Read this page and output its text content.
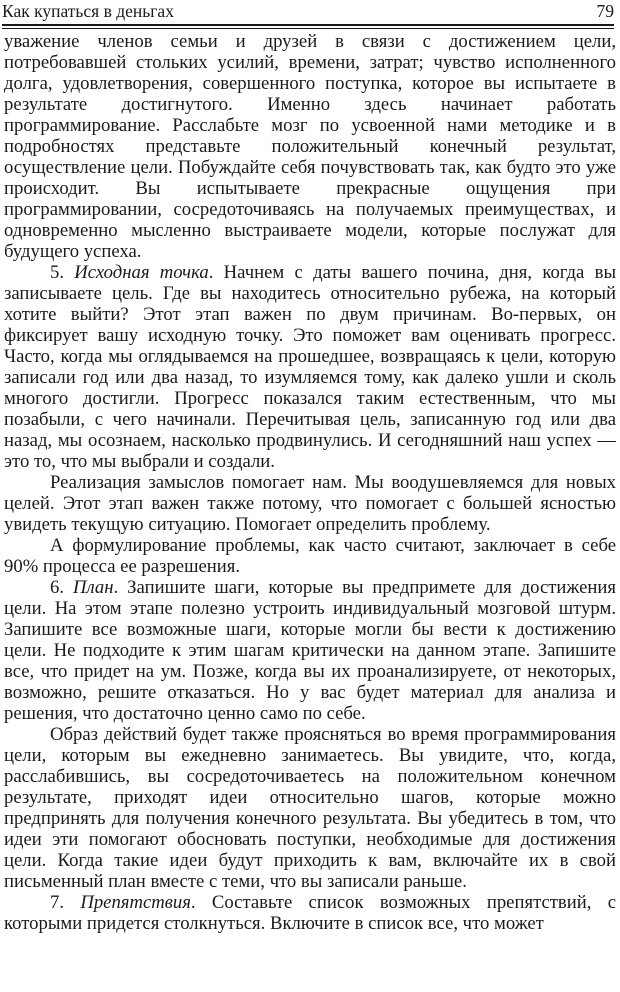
Как купаться в деньгах	79

уважение членов семьи и друзей в связи с достижением цели, потребовавшей стольких усилий, времени, затрат; чувство исполненного долга, удовлетворения, совершенного поступка, которое вы испытаете в результате достигнутого. Именно здесь начинает работать программирование. Расслабьте мозг по усвоенной нами методике и в подробностях представьте положительный конечный результат, осуществление цели. Побуждайте себя почувствовать так, как будто это уже происходит. Вы испытываете прекрасные ощущения при программировании, сосредоточиваясь на получаемых преимуществах, и одновременно мысленно выстраиваете модели, которые послужат для будущего успеха.

5. Исходная точка. Начнем с даты вашего почина, дня, когда вы записываете цель. Где вы находитесь относительно рубежа, на который хотите выйти? Этот этап важен по двум причинам. Во-первых, он фиксирует вашу исходную точку. Это поможет вам оценивать прогресс. Часто, когда мы оглядываемся на прошедшее, возвращаясь к цели, которую записали год или два назад, то изумляемся тому, как далеко ушли и сколь многого достигли. Прогресс показался таким естественным, что мы позабыли, с чего начинали. Перечитывая цель, записанную год или два назад, мы осознаем, насколько продвинулись. И сегодняшний наш успех — это то, что мы выбрали и создали.

Реализация замыслов помогает нам. Мы воодушевляемся для новых целей. Этот этап важен также потому, что помогает с большей ясностью увидеть текущую ситуацию. Помогает определить проблему.

А формулирование проблемы, как часто считают, заключает в себе 90% процесса ее разрешения.

6. План. Запишите шаги, которые вы предпримете для достижения цели. На этом этапе полезно устроить индивидуальный мозговой штурм. Запишите все возможные шаги, которые могли бы вести к достижению цели. Не подходите к этим шагам критически на данном этапе. Запишите все, что придет на ум. Позже, когда вы их проанализируете, от некоторых, возможно, решите отказаться. Но у вас будет материал для анализа и решения, что достаточно ценно само по себе.

Образ действий будет также проясняться во время программирования цели, которым вы ежедневно занимаетесь. Вы увидите, что, когда, расслабившись, вы сосредоточиваетесь на положительном конечном результате, приходят идеи относительно шагов, которые можно предпринять для получения конечного результата. Вы убедитесь в том, что идеи эти помогают обосновать поступки, необходимые для достижения цели. Когда такие идеи будут приходить к вам, включайте их в свой письменный план вместе с теми, что вы записали раньше.

7. Препятствия. Составьте список возможных препятствий, с которыми придется столкнуться. Включите в список все, что может
